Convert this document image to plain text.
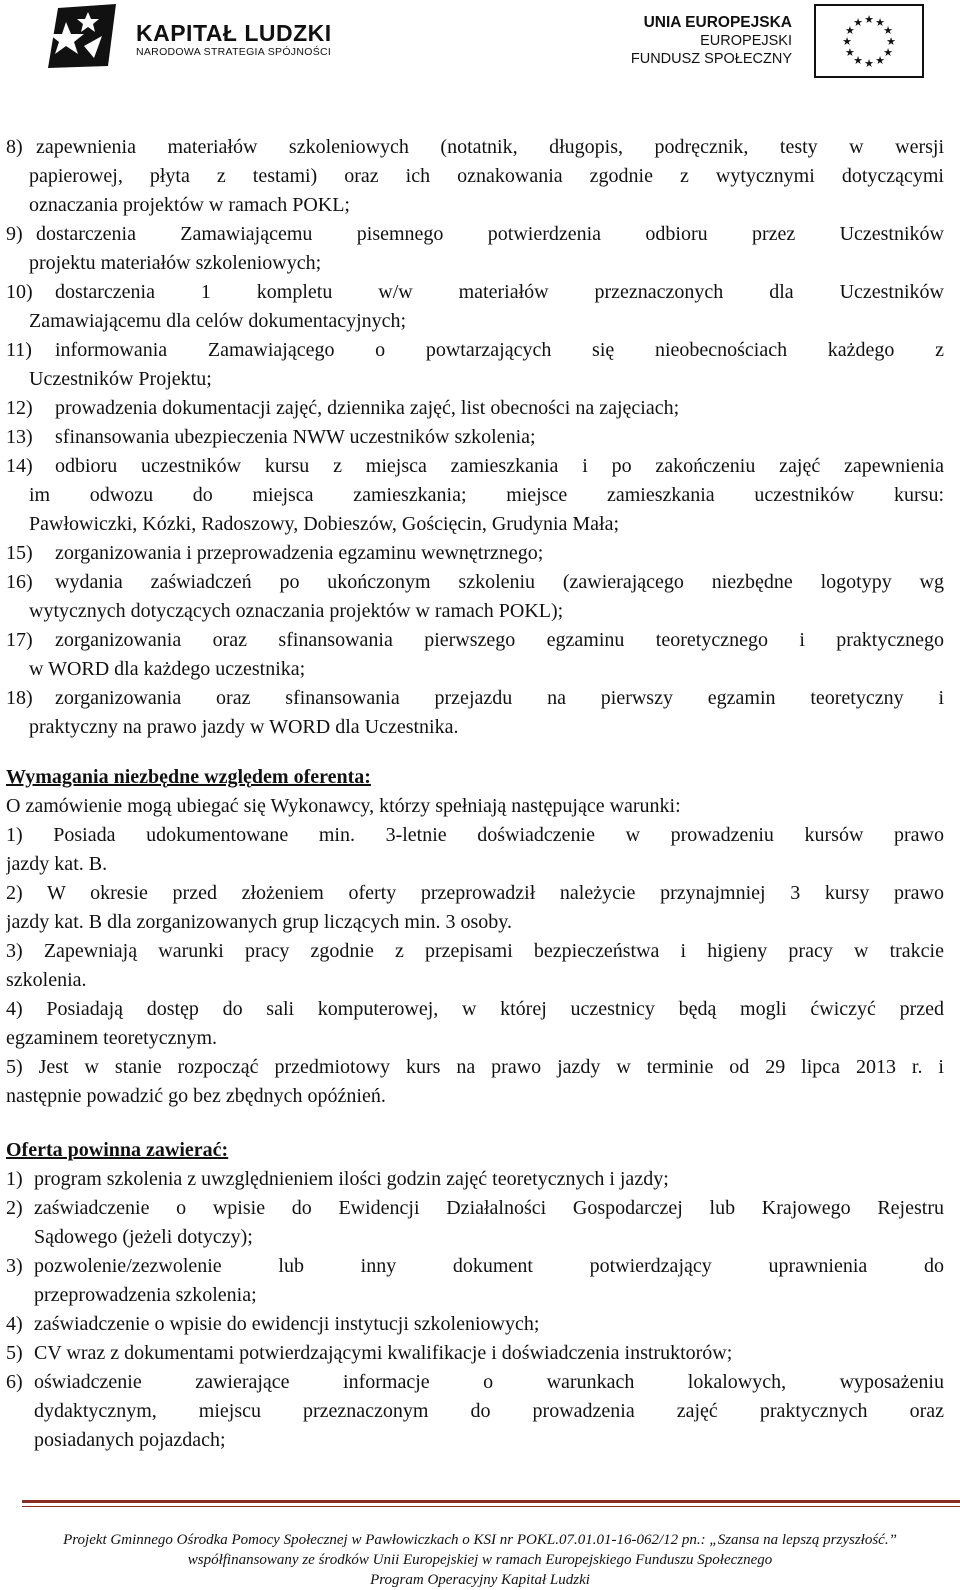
KAPITAŁ LUDZKI
NARODOWA STRATEGIA SPÓJNOŚCI
UNIA EUROPEJSKA
EUROPEJSKI
FUNDUSZ SPOŁECZNY
★ ★
★
★
★
★
★
★
★
★
★
★
8) zapewnienia materiałów szkoleniowych (notatnik, długopis, podręcznik, testy w wersji
papierowej, płyta z testami) oraz ich oznakowania zgodnie z wytycznymi dotyczącymi
oznaczania projektów w ramach POKL;
9) dostarczenia Zamawiającemu pisemnego potwierdzenia odbioru przez Uczestników
projektu materiałów szkoleniowych;
10) dostarczenia 1 kompletu w/w materiałów przeznaczonych dla Uczestników
Zamawiającemu dla celów dokumentacyjnych;
11) informowania Zamawiającego o powtarzających się nieobecnościach każdego z
Uczestników Projektu;
12) prowadzenia dokumentacji zajęć, dziennika zajęć, list obecności na zajęciach;
13) sfinansowania ubezpieczenia NWW uczestników szkolenia;
14) odbioru uczestników kursu z miejsca zamieszkania i po zakończeniu zajęć zapewnienia
im odwozu do miejsca zamieszkania; miejsce zamieszkania uczestników kursu:
Pawłowiczki, Kózki, Radoszowy, Dobieszów, Gościęcin, Grudynia Mała;
15) zorganizowania i przeprowadzenia egzaminu wewnętrznego;
16) wydania zaświadczeń po ukończonym szkoleniu (zawierającego niezbędne logotypy wg
wytycznych dotyczących oznaczania projektów w ramach POKL);
17) zorganizowania oraz sfinansowania pierwszego egzaminu teoretycznego i praktycznego
w WORD dla każdego uczestnika;
18) zorganizowania oraz sfinansowania przejazdu na pierwszy egzamin teoretyczny i
praktyczny na prawo jazdy w WORD dla Uczestnika.
Wymagania niezbędne względem oferenta:
O zamówienie mogą ubiegać się Wykonawcy, którzy spełniają następujące warunki:
1) Posiada udokumentowane min. 3-letnie doświadczenie w prowadzeniu kursów prawo
jazdy kat. B.
2) W okresie przed złożeniem oferty przeprowadził należycie przynajmniej 3 kursy prawo
jazdy kat. B dla zorganizowanych grup liczących min. 3 osoby.
3) Zapewniają warunki pracy zgodnie z przepisami bezpieczeństwa i higieny pracy w trakcie
szkolenia.
4) Posiadają dostęp do sali komputerowej, w której uczestnicy będą mogli ćwiczyć przed
egzaminem teoretycznym.
5) Jest w stanie rozpocząć przedmiotowy kurs na prawo jazdy w terminie od 29 lipca 2013 r. i
następnie powadzić go bez zbędnych opóźnień.
Oferta powinna zawierać:
1) program szkolenia z uwzględnieniem ilości godzin zajęć teoretycznych i jazdy;
2) zaświadczenie o wpisie do Ewidencji Działalności Gospodarczej lub Krajowego Rejestru
Sądowego (jeżeli dotyczy);
3) pozwolenie/zezwolenie lub inny dokument potwierdzający uprawnienia do
przeprowadzenia szkolenia;
4) zaświadczenie o wpisie do ewidencji instytucji szkoleniowych;
5) CV wraz z dokumentami potwierdzającymi kwalifikacje i doświadczenia instruktorów;
6) oświadczenie zawierające informacje o warunkach lokalowych, wyposażeniu
dydaktycznym, miejscu przeznaczonym do prowadzenia zajęć praktycznych oraz
posiadanych pojazdach;
Projekt Gminnego Ośrodka Pomocy Społecznej w Pawłowiczkach o KSI nr POKL.07.01.01-16-062/12 pn.: „Szansa na lepszą przyszłość.”
współfinansowany ze środków Unii Europejskiej w ramach Europejskiego Funduszu Społecznego
Program Operacyjny Kapitał Ludzki
